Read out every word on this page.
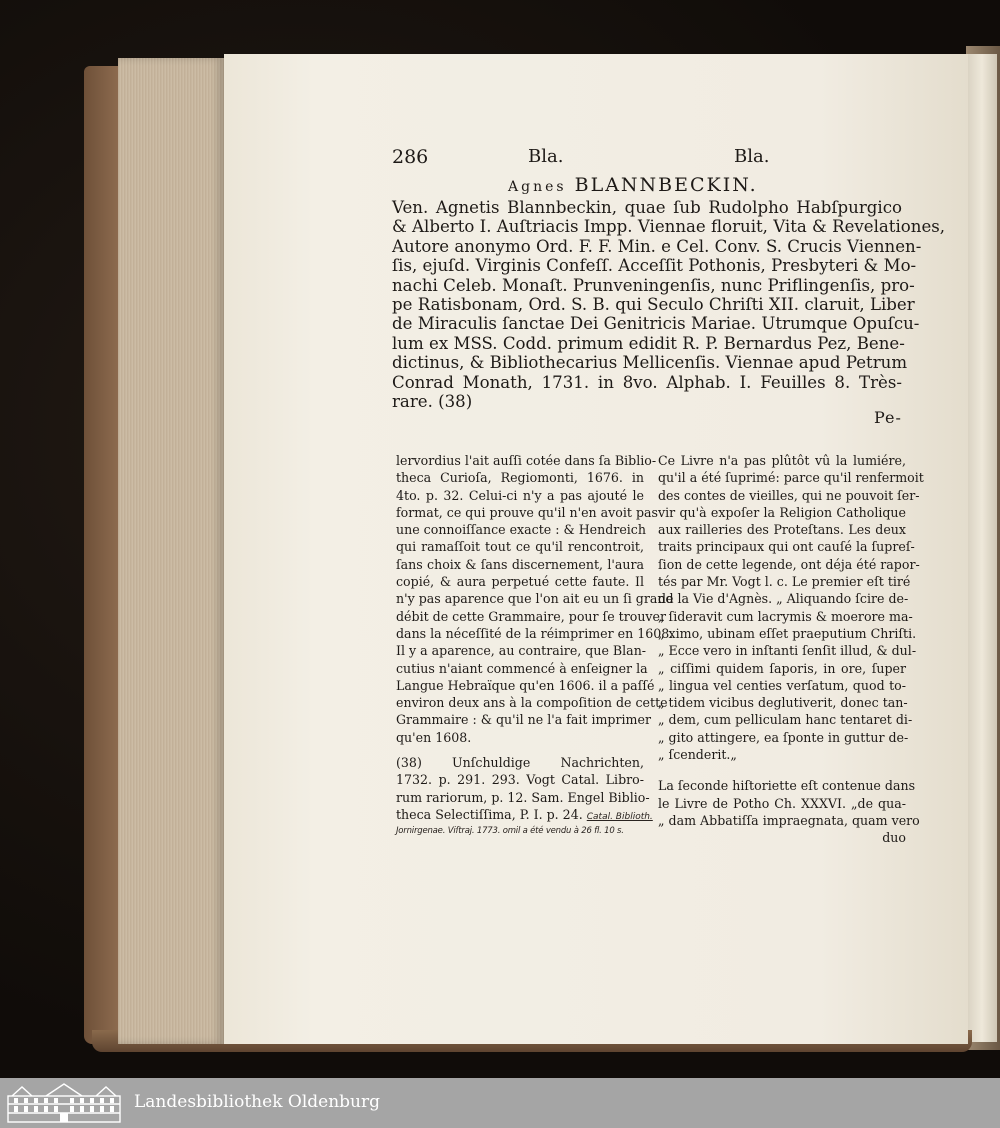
286	Bla.	Bla.
Agnes BLANNBECKIN.
Ven. Agnetis Blannbeckin, quae ſub Rudolpho Habſpurgico
& Alberto I. Auſtriacis Impp. Viennae floruit, Vita & Revelationes,
Autore anonymo Ord. F. F. Min. e Cel. Conv. S. Crucis Viennen-
ſis, ejuſd. Virginis Confeſſ. Acceſſit Pothonis, Presbyteri & Mo-
nachi Celeb. Monaſt. Prunveningenſis, nunc Priflingenſis, pro-
pe Ratisbonam, Ord. S. B. qui Seculo Chriſti XII. claruit, Liber
de Miraculis ſanctae Dei Genitricis Mariae. Utrumque Opuſcu-
lum ex MSS. Codd. primum edidit R. P. Bernardus Pez, Bene-
dictinus, & Bibliothecarius Mellicenſis. Viennae apud Petrum
Conrad Monath, 1731. in 8vo. Alphab. I. Feuilles 8. Très-
rare. (38)
Pe-
lervordius l'ait auſſi cotée dans ſa Biblio-
theca Curioſa, Regiomonti, 1676. in
4to. p. 32. Celui-ci n'y a pas ajouté le
format, ce qui prouve qu'il n'en avoit pas
une connoiſſance exacte : & Hendreich
qui ramaſſoit tout ce qu'il rencontroit,
ſans choix & ſans discernement, l'aura
copié, & aura perpetué cette faute. Il
n'y pas aparence que l'on ait eu un ſi grand
débit de cette Grammaire, pour ſe trouver
dans la néceſſité de la réimprimer en 1608.
Il y a aparence, au contraire, que Blan-
cutius n'aiant commencé à enſeigner la
Langue Hebraïque qu'en 1606. il a paſſé
environ deux ans à la compoſition de cette
Grammaire : & qu'il ne l'a fait imprimer
qu'en 1608.
(38) Unſchuldige Nachrichten,
1732. p. 291. 293. Vogt Catal. Libro-
rum rariorum, p. 12. Sam. Engel Biblio-
theca Selectiſſima, P. I. p. 24. Catal. Biblioth.
Jornirgenae. Viſtraj. 1773. omil a été vendu à 26 fl. 10 s.
Ce Livre n'a pas plûtôt vû la lumiére,
qu'il a été ſuprimé: parce qu'il renfermoit
des contes de vieilles, qui ne pouvoit ſer-
vir qu'à expoſer la Religion Catholique
aux railleries des Proteſtans. Les deux
traits principaux qui ont cauſé la ſupreſ-
ſion de cette legende, ont déja été rapor-
tés par Mr. Vogt l. c. Le premier eſt tiré
de la Vie d'Agnès. „ Aliquando ſcire de-
„ ſideravit cum lacrymis & moerore ma-
„ ximo, ubinam eſſet praeputium Chriſti.
„ Ecce vero in inſtanti ſenſit illud, & dul-
„ ciſſimi quidem ſaporis, in ore, ſuper
„ lingua vel centies verſatum, quod to-
„ tidem vicibus deglutiverit, donec tan-
„ dem, cum pelliculam hanc tentaret di-
„ gito attingere, ea ſponte in guttur de-
„ ſcenderit.„
La ſeconde hiſtoriette eſt contenue dans
le Livre de Potho Ch. XXXVI. „de qua-
„ dam Abbatiſſa impraegnata, quam vero
duo
Landesbibliothek Oldenburg
